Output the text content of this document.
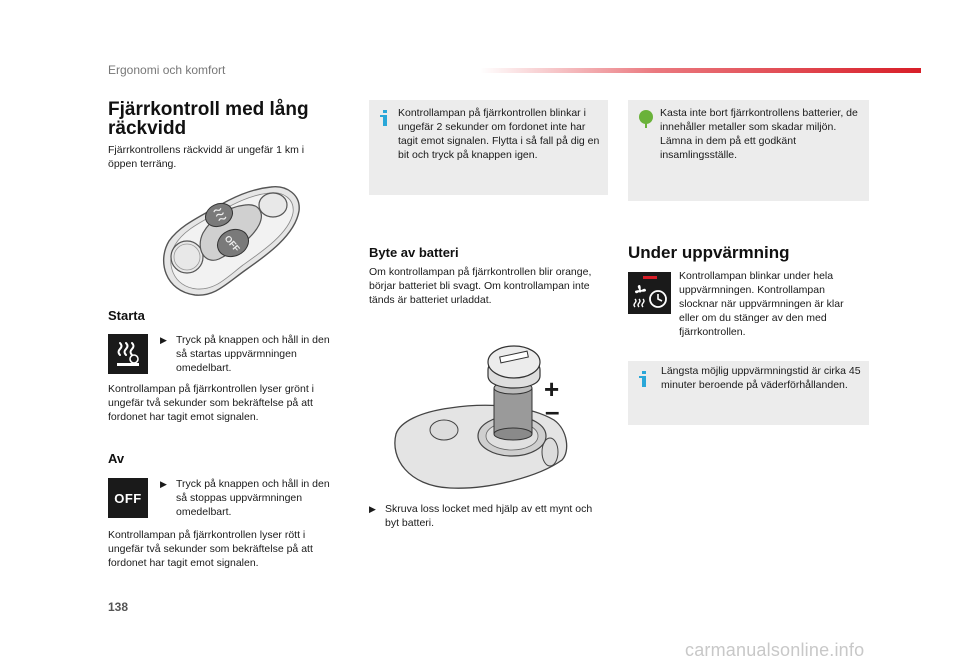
Ergonomi och komfort
Fjärrkontroll med lång räckvidd
Fjärrkontrollens räckvidd är ungefär 1 km i öppen terräng.
OFF
Starta
▶ Tryck på knappen och håll in den så startas uppvärmningen omedelbart.
Kontrollampan på fjärrkontrollen lyser grönt i ungefär två sekunder som bekräftelse på att fordonet har tagit emot signalen.
Av
OFF
▶ Tryck på knappen och håll in den så stoppas uppvärmningen omedelbart.
Kontrollampan på fjärrkontrollen lyser rött i ungefär två sekunder som bekräftelse på att fordonet har tagit emot signalen.
Kontrollampan på fjärrkontrollen blinkar i ungefär 2 sekunder om fordonet inte har tagit emot signalen. Flytta i så fall på dig en bit och tryck på knappen igen.
Byte av batteri
Om kontrollampan på fjärrkontrollen blir orange, börjar batteriet bli svagt. Om kontrollampan inte tänds är batteriet urladdat.
+
–
▶ Skruva loss locket med hjälp av ett mynt och byt batteri.
Kasta inte bort fjärrkontrollens batterier, de innehåller metaller som skadar miljön. Lämna in dem på ett godkänt insamlingsställe.
Under uppvärmning
Kontrollampan blinkar under hela uppvärmningen. Kontrollampan slocknar när uppvärmningen är klar eller om du stänger av den med fjärrkontrollen.
Längsta möjlig uppvärmningstid är cirka 45 minuter beroende på väderförhållanden.
138
carmanualsonline.info
